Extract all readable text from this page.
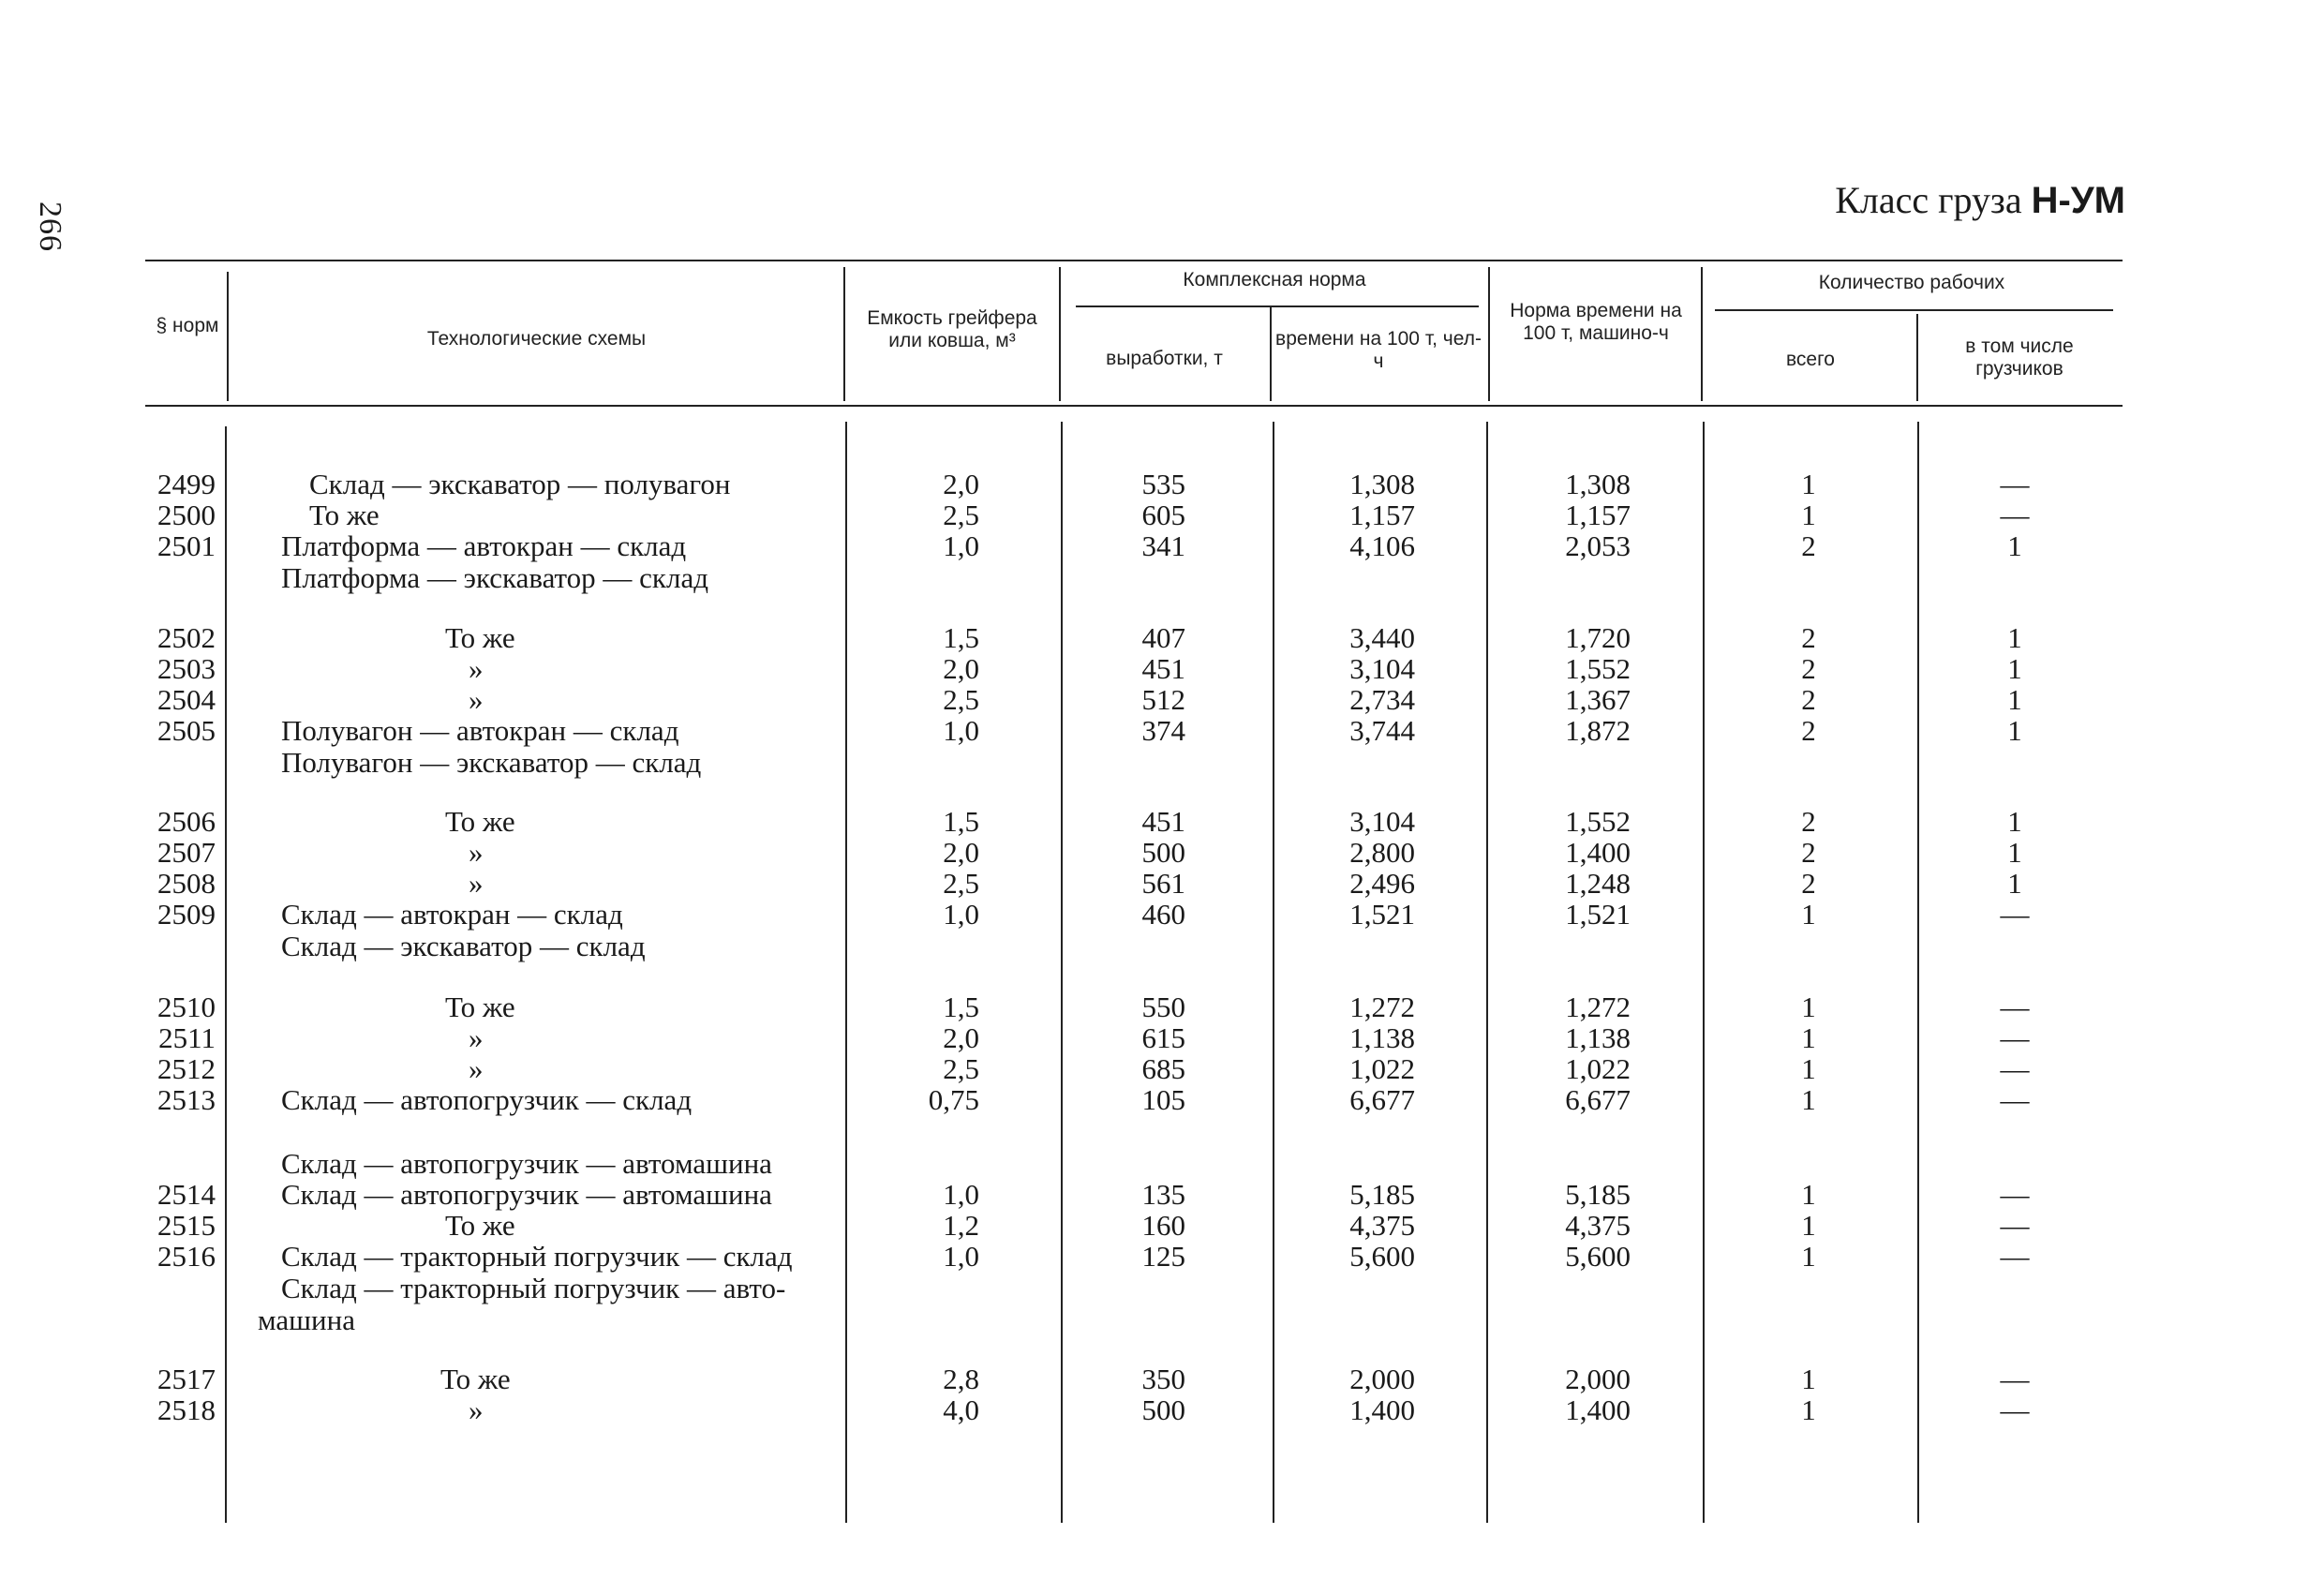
266
Класс груза Н-УМ
§ норм
Технологические схемы
Емкость грейфера или ковша, м³
Комплексная норма
выработки, т
времени на 100 т, чел-ч
Норма времени на 100 т, машино-ч
Количество рабочих
всего
в том числе грузчиков
2499	Склад — экскаватор — полувагон	2,0	535	1,308	1,308	1	—
2500	То же	2,5	605	1,157	1,157	1	—
2501 Платформа — автокран — склад	1,0	341	4,106	2,053	2	1
Платформа — экскаватор — склад
2502	То же	1,5	407	3,440	1,720	2	1
2503	»	2,0	451	3,104	1,552	2	1
2504	»	2,5	512	2,734	1,367	2	1
2505 Полувагон — автокран — склад	1,0	374	3,744	1,872	2	1
Полувагон — экскаватор — склад
2506	То же	1,5	451	3,104	1,552	2	1
2507	»	2,0	500	2,800	1,400	2	1
2508	»	2,5	561	2,496	1,248	2	1
2509 Склад — автокран — склад	1,0	460	1,521	1,521	1	—
Склад — экскаватор — склад
2510	То же	1,5	550	1,272	1,272	1	—
2511	»	2,0	615	1,138	1,138	1	—
2512	»	2,5	685	1,022	1,022	1	—
2513 Склад — автопогрузчик — склад	0,75	105	6,677	6,677	1	—
Склад — автопогрузчик — автомашина
2514 Склад — автопогрузчик — автомашина	1,0	135	5,185	5,185	1	—
2515	То же	1,2	160	4,375	4,375	1	—
2516 Склад — тракторный погрузчик — склад	1,0	125	5,600	5,600	1	—
Склад — тракторный погрузчик — авто-
машина
2517	То же	2,8	350	2,000	2,000	1	—
2518	»	4,0	500	1,400	1,400	1	—
